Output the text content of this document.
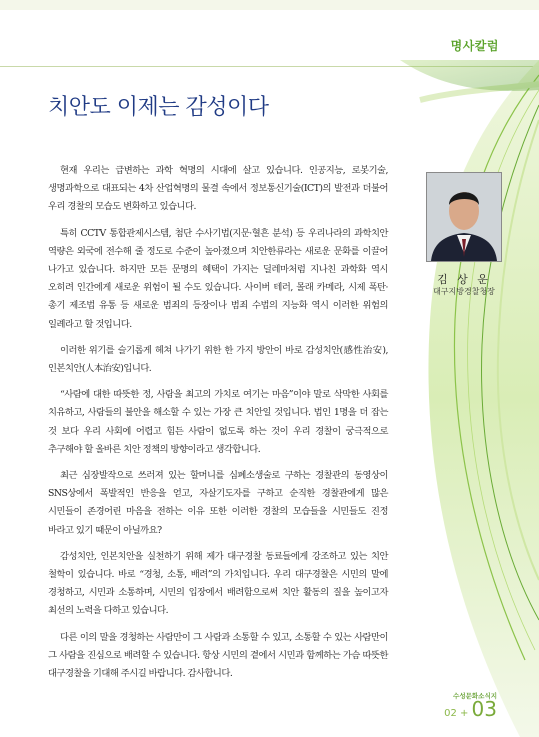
명사칼럼
치안도 이제는 감성이다
김 상 운
대구지방경찰청장

현재 우리는 급변하는 과학 혁명의 시대에 살고 있습니다. 인공지능, 로봇기술, 생명과학으로 대표되는 4차 산업혁명의 물결 속에서 정보통신기술(ICT)의 발전과 더불어 우리 경찰의 모습도 변화하고 있습니다.

특히 CCTV 통합관제시스템, 첨단 수사기법(지문·혈흔 분석) 등 우리나라의 과학치안 역량은 외국에 전수해 줄 정도로 수준이 높아졌으며 치안한류라는 새로운 문화를 이끌어 나가고 있습니다. 하지만 모든 문명의 혜택이 가지는 딜레마처럼 지나친 과학화 역시 오히려 인간에게 새로운 위험이 될 수도 있습니다. 사이버 테러, 몰래 카메라, 시제 폭탄·총기 제조법 유통 등 새로운 범죄의 등장이나 범죄 수법의 지능화 역시 이러한 위험의 일례라고 할 것입니다.

이러한 위기를 슬기롭게 헤쳐 나가기 위한 한 가지 방안이 바로 감성치안(感性治安), 인본치안(人本治安)입니다.

“사람에 대한 따뜻한 정, 사람을 최고의 가치로 여기는 마음”이야 말로 삭막한 사회를 치유하고, 사람들의 불안을 해소할 수 있는 가장 큰 치안일 것입니다. 법인 1명을 더 잡는 것 보다 우리 사회에 어렵고 힘든 사람이 없도록 하는 것이 우리 경찰이 궁극적으로 추구해야 할 올바른 치안 정책의 방향이라고 생각합니다.

최근 심장발작으로 쓰러져 있는 할머니를 심폐소생술로 구하는 경찰관의 동영상이 SNS상에서 폭발적인 반응을 얻고, 자살기도자를 구하고 순직한 경찰관에게 많은 시민들이 존경어린 마음을 전하는 이유 또한 이러한 경찰의 모습들을 시민들도 진정 바라고 있기 때문이 아닐까요?

감성치안, 인본치안을 실천하기 위해 제가 대구경찰 동료들에게 강조하고 있는 치안 철학이 있습니다. 바로 “경청, 소통, 배려”의 가치입니다. 우리 대구경찰은 시민의 말에 경청하고, 시민과 소통하며, 시민의 입장에서 배려함으로써 치안 활동의 질을 높이고자 최선의 노력을 다하고 있습니다.

다른 이의 말을 경청하는 사람만이 그 사람과 소통할 수 있고, 소통할 수 있는 사람만이 그 사람을 진심으로 배려할 수 있습니다. 항상 시민의 곁에서 시민과 함께하는 가슴 따뜻한 대구경찰을 기대해 주시길 바랍니다. 감사합니다.

수성문화소식지
02 + 03
